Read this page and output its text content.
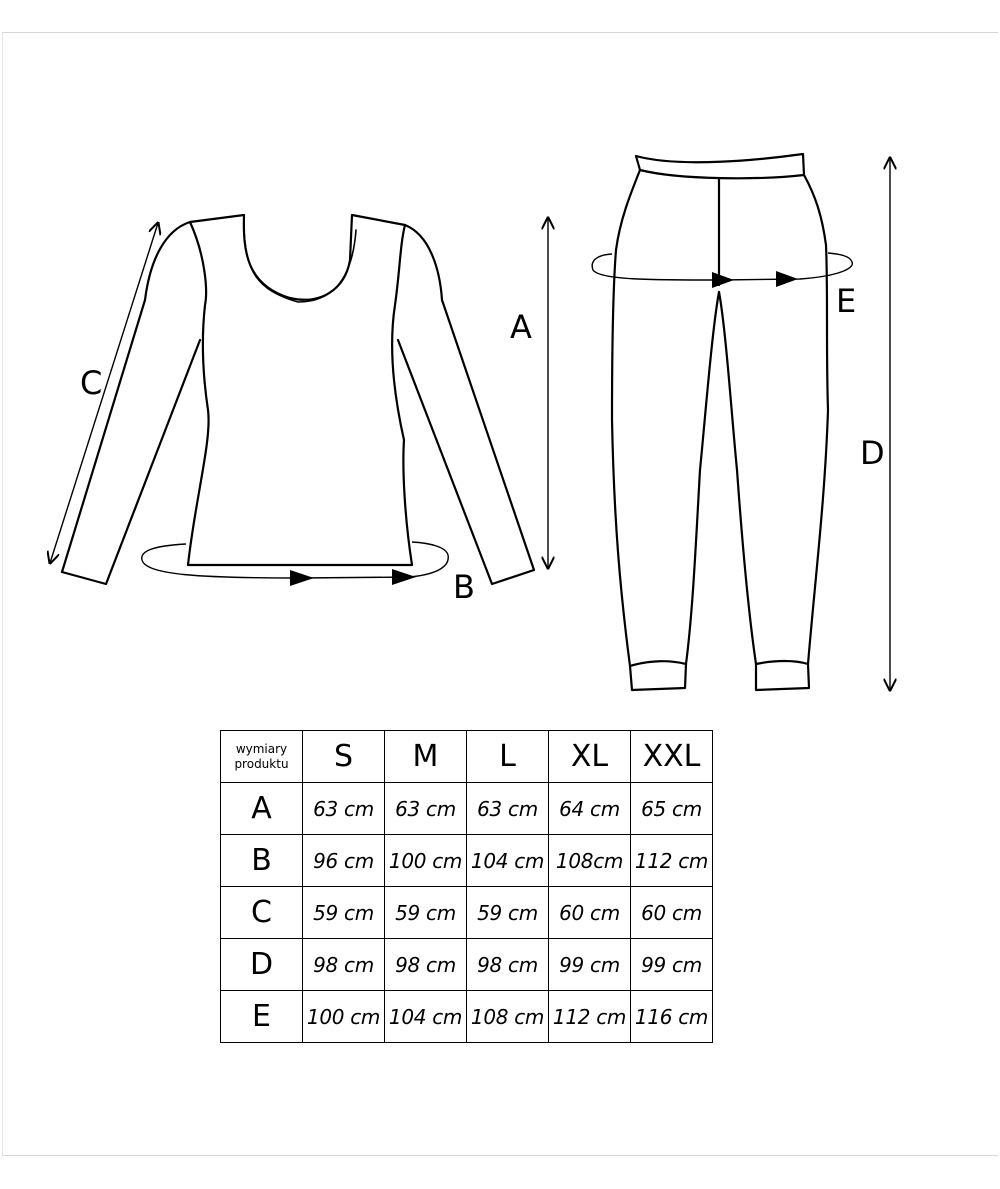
A
C
B
E
D
wymiary
produktu	S	M	L	XL	XXL
A	63 cm	63 cm	63 cm	64 cm	65 cm
B	96 cm	100 cm	104 cm	108cm	112 cm
C	59 cm	59 cm	59 cm	60 cm	60 cm
D	98 cm	98 cm	98 cm	99 cm	99 cm
E	100 cm	104 cm	108 cm	112 cm	116 cm
